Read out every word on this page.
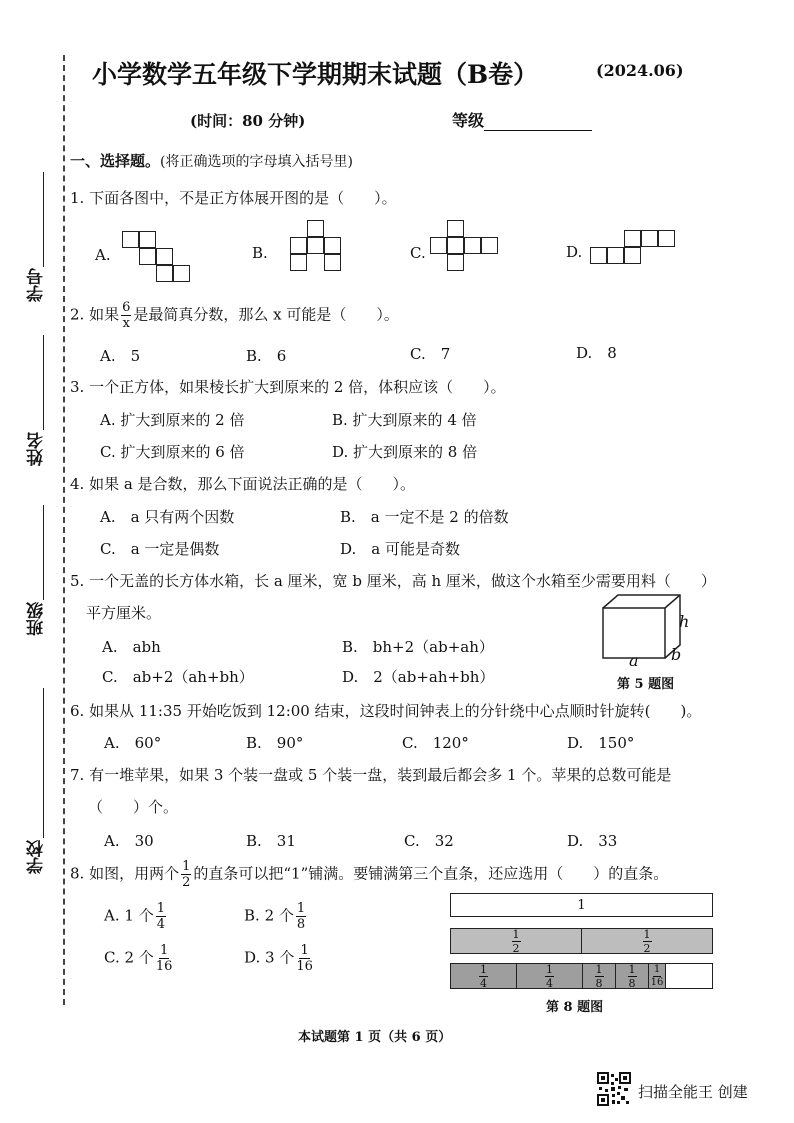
学号
姓名
班级
学校
小学数学五年级下学期期末试题（B卷）	(2024.06)
(时间：80 分钟)	等级
一、选择题。(将正确选项的字母填入括号里)
1. 下面各图中，不是正方体展开图的是（　　）。
A.	B.	C.	D.
2. 如果 $\frac{6}{x}$ 是最简真分数，那么 x 可能是（　　）。
A.　5	B.　6	C.　7	D.　8
3. 一个正方体，如果棱长扩大到原来的 2 倍，体积应该（　　）。
A. 扩大到原来的 2 倍	B. 扩大到原来的 4 倍
C. 扩大到原来的 6 倍	D. 扩大到原来的 8 倍
4. 如果 a 是合数，那么下面说法正确的是（　　）。
A.　a 只有两个因数	B.　a 一定不是 2 的倍数
C.　a 一定是偶数	D.　a 可能是奇数
5. 一个无盖的长方体水箱，长 a 厘米，宽 b 厘米，高 h 厘米，做这个水箱至少需要用料（　　）
平方厘米。
A.　abh	B.　bh+2（ab+ah）
C.　ab+2（ah+bh）	D.　2（ab+ah+bh）
h
a b
第 5 题图
6. 如果从 11:35 开始吃饭到 12:00 结束，这段时间钟表上的分针绕中心点顺时针旋转(　　)。
A.　60°	B.　90°	C.　120°	D.　150°
7. 有一堆苹果，如果 3 个装一盘或 5 个装一盘，装到最后都会多 1 个。苹果的总数可能是
（　　）个。
A.　30	B.　31	C.　32	D.　33
8. 如图，用两个 $\frac{1}{2}$ 的直条可以把“1”铺满。要铺满第三个直条，还应选用（　　）的直条。
A. 1 个 $\frac{1}{4}$	B. 2 个 $\frac{1}{8}$
C. 2 个 $\frac{1}{16}$	D. 3 个 $\frac{1}{16}$
1
$\frac{1}{2}$	$\frac{1}{2}$
$\frac{1}{4}$	$\frac{1}{4}$	$\frac{1}{8} \frac{1}{8} \frac{1}{16}$
第 8 题图
本试题第 1 页（共 6 页）
扫描全能王 创建
